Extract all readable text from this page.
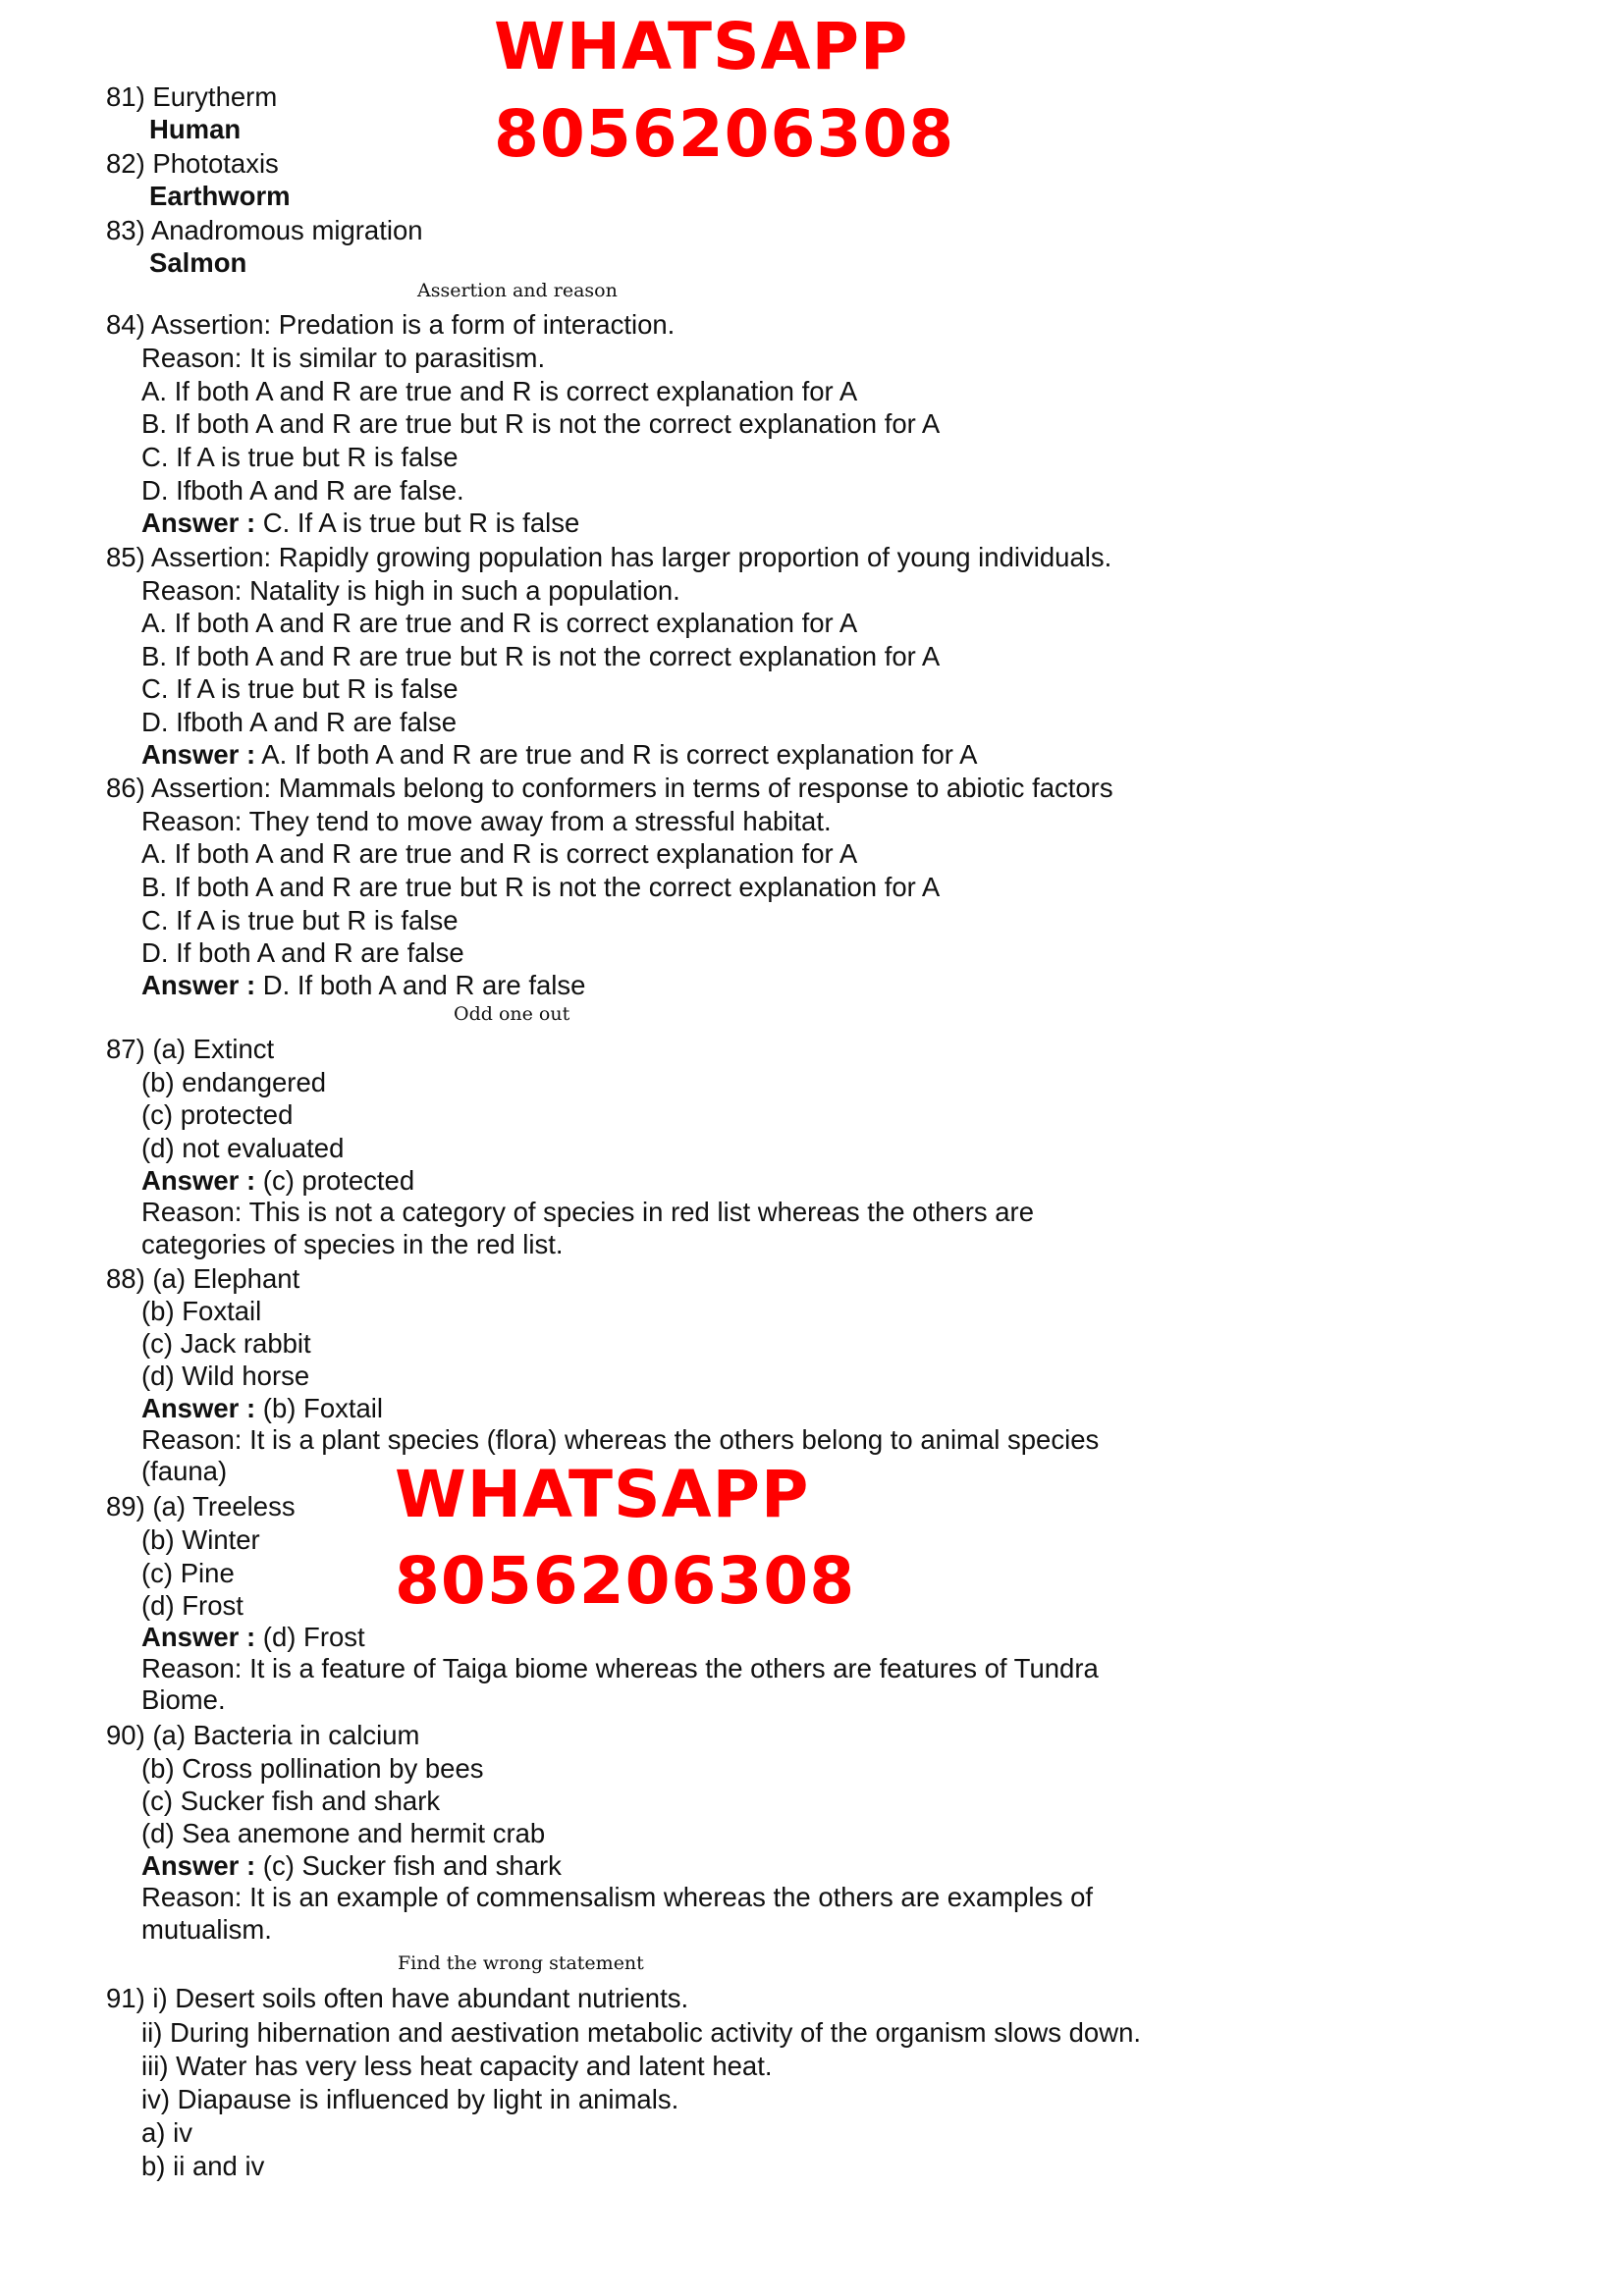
WHATSAPP
8056206308
WHATSAPP
8056206308
81) Eurytherm
Human
82) Phototaxis
Earthworm
83) Anadromous migration
Salmon
Assertion and reason
84) Assertion: Predation is a form of interaction.
Reason: It is similar to parasitism.
A. If both A and R are true and R is correct explanation for A
B. If both A and R are true but R is not the correct explanation for A
C. If A is true but R is false
D. Ifboth A and R are false.
Answer : C. If A is true but R is false
85) Assertion: Rapidly growing population has larger proportion of young individuals.
Reason: Natality is high in such a population.
A. If both A and R are true and R is correct explanation for A
B. If both A and R are true but R is not the correct explanation for A
C. If A is true but R is false
D. Ifboth A and R are false
Answer : A. If both A and R are true and R is correct explanation for A
86) Assertion: Mammals belong to conformers in terms of response to abiotic factors
Reason: They tend to move away from a stressful habitat.
A. If both A and R are true and R is correct explanation for A
B. If both A and R are true but R is not the correct explanation for A
C. If A is true but R is false
D. If both A and R are false
Answer : D. If both A and R are false
Odd one out
87) (a) Extinct
(b) endangered
(c) protected
(d) not evaluated
Answer : (c) protected
Reason: This is not a category of species in red list whereas the others are
categories of species in the red list.
88) (a) Elephant
(b) Foxtail
(c) Jack rabbit
(d) Wild horse
Answer : (b) Foxtail
Reason: It is a plant species (flora) whereas the others belong to animal species
(fauna)
89) (a) Treeless
(b) Winter
(c) Pine
(d) Frost
Answer : (d) Frost
Reason: It is a feature of Taiga biome whereas the others are features of Tundra
Biome.
90) (a) Bacteria in calcium
(b) Cross pollination by bees
(c) Sucker fish and shark
(d) Sea anemone and hermit crab
Answer : (c) Sucker fish and shark
Reason: It is an example of commensalism whereas the others are examples of
mutualism.
Find the wrong statement
91) i) Desert soils often have abundant nutrients.
ii) During hibernation and aestivation metabolic activity of the organism slows down.
iii) Water has very less heat capacity and latent heat.
iv) Diapause is influenced by light in animals.
a) iv
b) ii and iv
